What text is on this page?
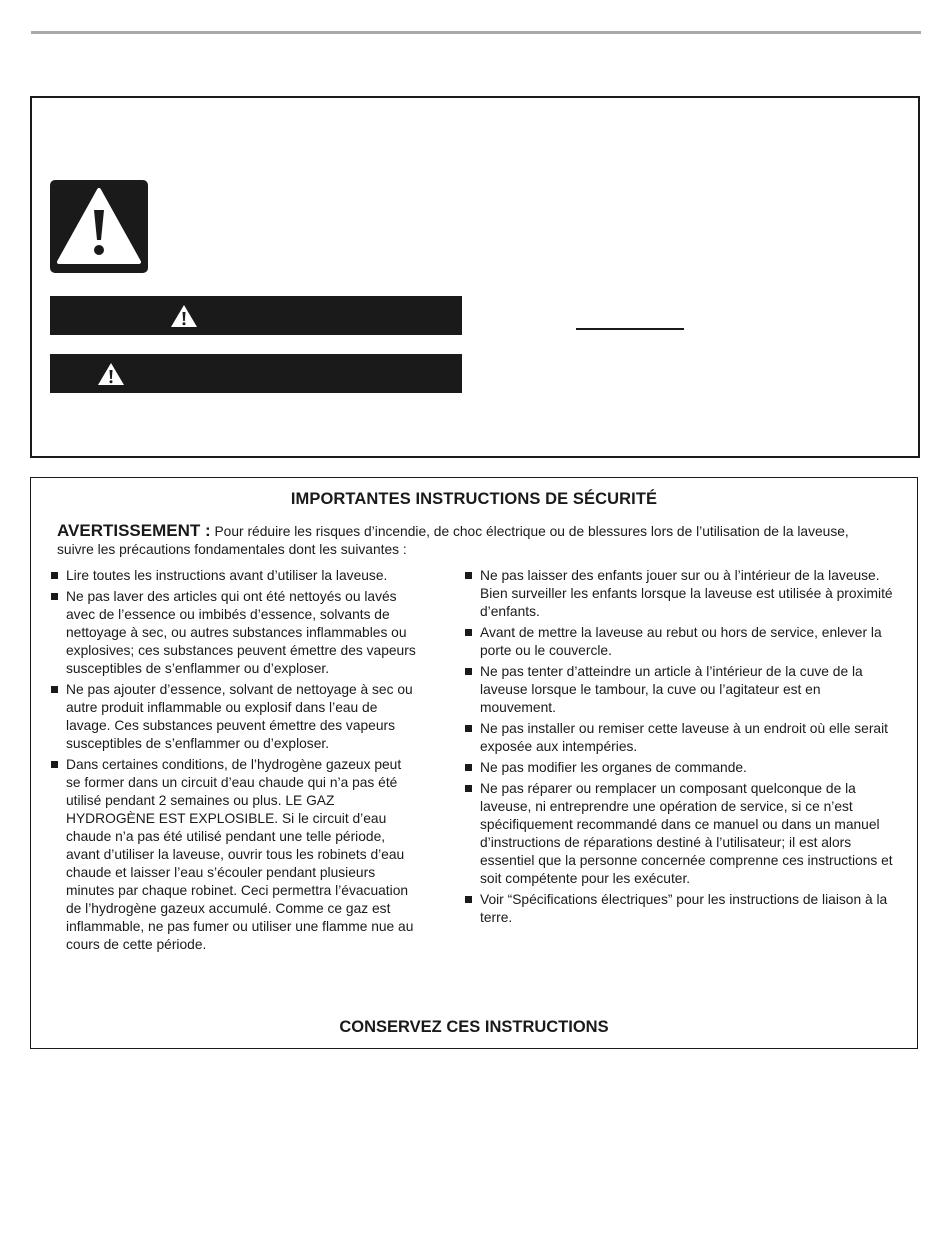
IMPORTANTES INSTRUCTIONS DE SÉCURITÉ
AVERTISSEMENT : Pour réduire les risques d’incendie, de choc électrique ou de blessures lors de l’utilisation de la laveuse, suivre les précautions fondamentales dont les suivantes :
Lire toutes les instructions avant d’utiliser la laveuse.
Ne pas laver des articles qui ont été nettoyés ou lavés avec de l’essence ou imbibés d’essence, solvants de nettoyage à sec, ou autres substances inflammables ou explosives; ces substances peuvent émettre des vapeurs susceptibles de s’enflammer ou d’exploser.
Ne pas ajouter d’essence, solvant de nettoyage à sec ou autre produit inflammable ou explosif dans l’eau de lavage. Ces substances peuvent émettre des vapeurs susceptibles de s’enflammer ou d’exploser.
Dans certaines conditions, de l’hydrogène gazeux peut se former dans un circuit d’eau chaude qui n’a pas été utilisé pendant 2 semaines ou plus. LE GAZ HYDROGÈNE EST EXPLOSIBLE. Si le circuit d’eau chaude n’a pas été utilisé pendant une telle période, avant d’utiliser la laveuse, ouvrir tous les robinets d’eau chaude et laisser l’eau s’écouler pendant plusieurs minutes par chaque robinet. Ceci permettra l’évacuation de l’hydrogène gazeux accumulé. Comme ce gaz est inflammable, ne pas fumer ou utiliser une flamme nue au cours de cette période.
Ne pas laisser des enfants jouer sur ou à l’intérieur de la laveuse. Bien surveiller les enfants lorsque la laveuse est utilisée à proximité d’enfants.
Avant de mettre la laveuse au rebut ou hors de service, enlever la porte ou le couvercle.
Ne pas tenter d’atteindre un article à l’intérieur de la cuve de la laveuse lorsque le tambour, la cuve ou l’agitateur est en mouvement.
Ne pas installer ou remiser cette laveuse à un endroit où elle serait exposée aux intempéries.
Ne pas modifier les organes de commande.
Ne pas réparer ou remplacer un composant quelconque de la laveuse, ni entreprendre une opération de service, si ce n’est spécifiquement recommandé dans ce manuel ou dans un manuel d’instructions de réparations destiné à l’utilisateur; il est alors essentiel que la personne concernée comprenne ces instructions et soit compétente pour les exécuter.
Voir “Spécifications électriques” pour les instructions de liaison à la terre.
CONSERVEZ CES INSTRUCTIONS
